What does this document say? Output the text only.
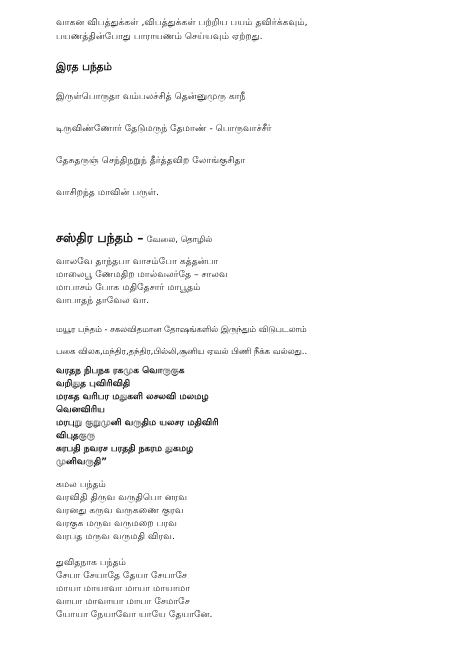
வாகன விபத்துக்கள் ,விபத்துக்கள் பற்றிய பயம் தவிர்க்கவும்,
பயணத்தின்போது பாராயணம் செய்யவும் ஏற்றது.
இரத பந்தம்
இருள்பொருதா வம்பலச்சித் தென்னுமுரு காநீ
டிருவிண்ணோர் தேடுமருந் தேமாண் - பொருவாச்சீர்
தேசுதருஞ் செந்திநறுந் தீர்த்தவிற லோங்குசிதா
வாசிறந்த மாவின் பருள்.
சஸ்திர பந்தம் – வேலை, தொழில்
வாலவே தாந்தபா வாசம்போ கத்தன்பா
மாலைபூ ணேமதிற மால்வலர்தே – சாலவ
மாபாசம் போக மதிதேசார் மாபூதம்
வாபாதந் தாவேல வா.
மயூர பந்தம் - சகலவிதமான தோஷங்களில் இருந்தும் விடுபடலாம்
பகை விலக,மந்திர,தந்திர,பில்லி,சூனிய ஏவல் பிணி நீக்க வல்லது..
வரதந நிபநக ரகமுக வொருகுக
வறிதுத புவிரிவிதி
மரகத வரிபர மதுகளி லசலவி மலமழ
வெனவிரிய
மரபுறு குறுமுனி வருதிம யலசர மதிவிரி
விபுதகுரு
சுரபதி நவரச பரததி நகரம துகமழ
முனிவருதி”
கமல பந்தம்
வரவிதி திருவ வருதிபொ னரவ
வரனது கருவ வருகணை குரவ
வரகுக மருவ வருமறை பரவ
வரபத மருவ வருமதி விரவ.
துவிதநாக பந்தம்
சேயா சேயாதே தேயா சேயாசே
மாயா மாயாவா மாயா மாயாமா
வாயா மாவாயா மாயா சேமாசே
யோயா நேயாவோ யாயே தேயானே.
